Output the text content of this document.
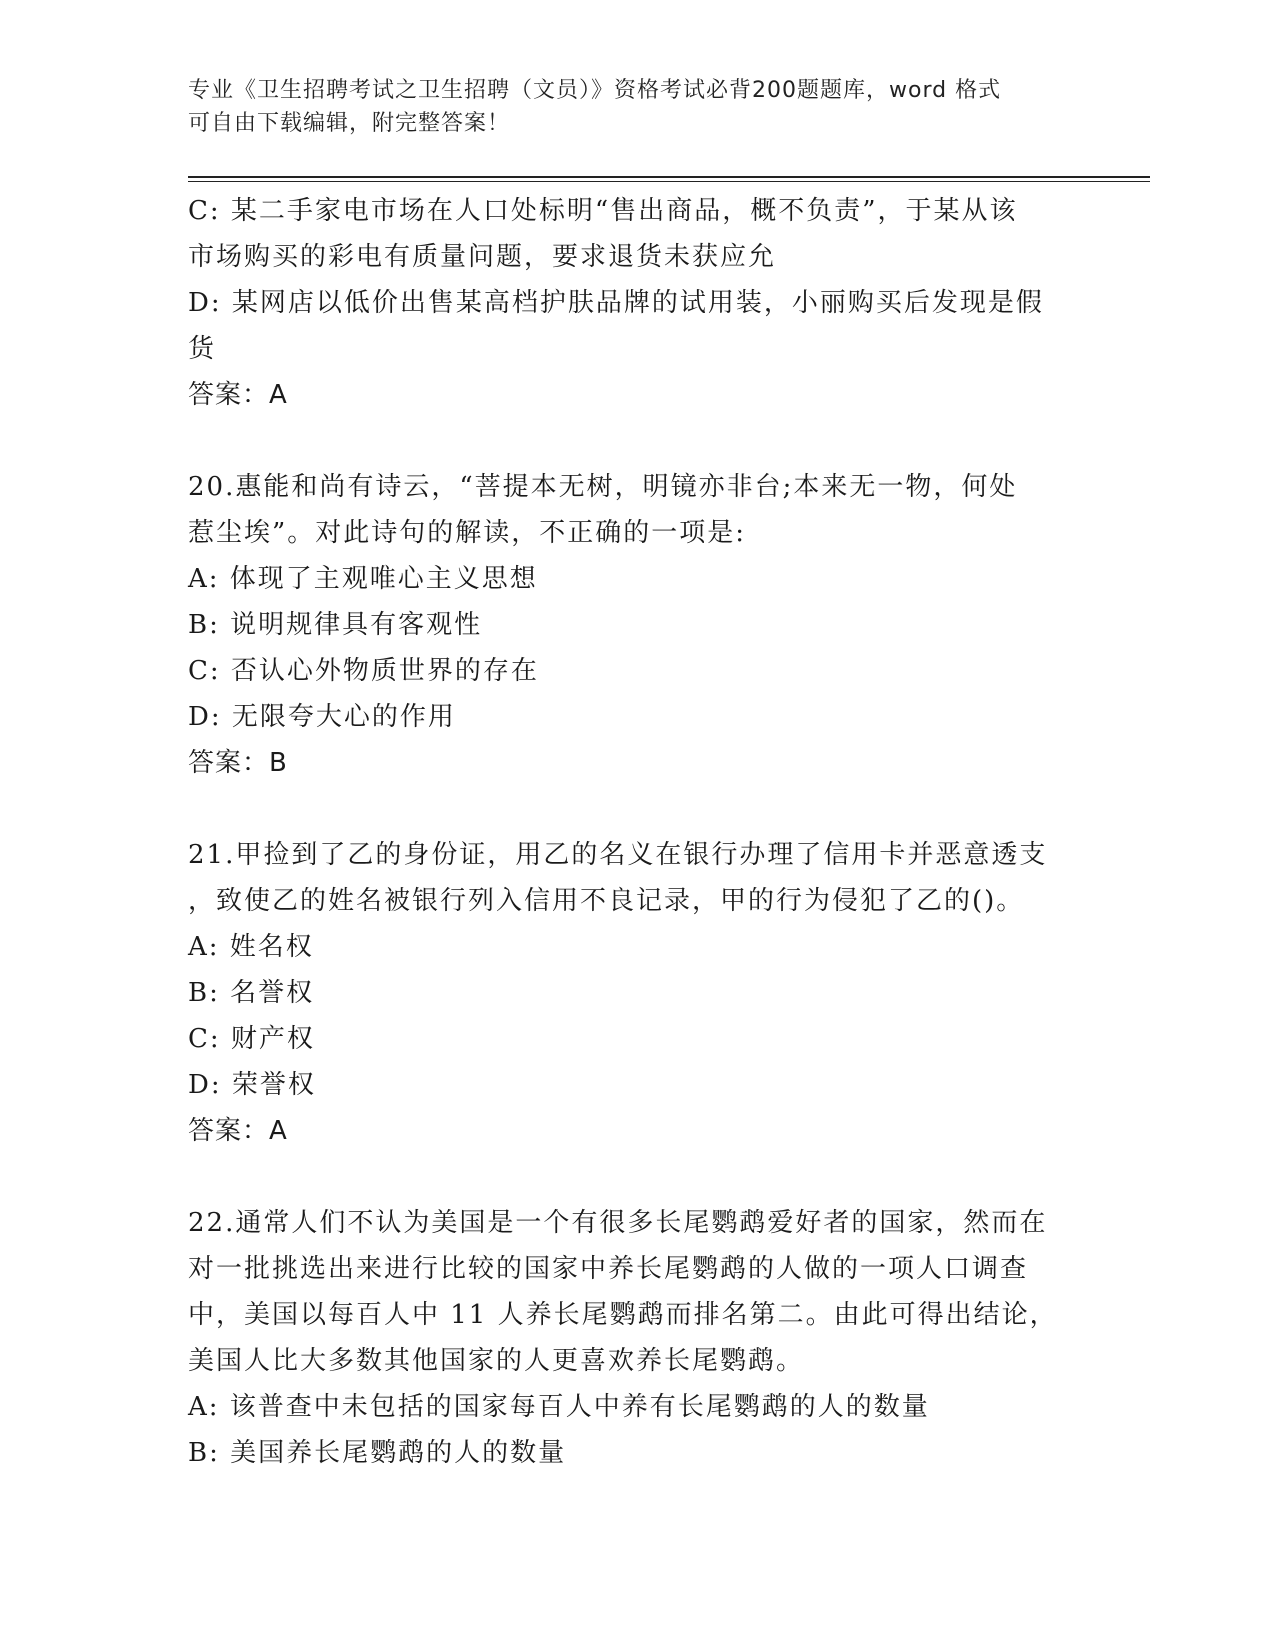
专业《卫生招聘考试之卫生招聘（文员）》资格考试必背200题题库，word 格式
可自由下载编辑，附完整答案！

C: 某二手家电市场在人口处标明“售出商品，概不负责”，于某从该

市场购买的彩电有质量问题，要求退货未获应允

D: 某网店以低价出售某高档护肤品牌的试用装，小丽购买后发现是假

货

答案：A

20.惠能和尚有诗云，“菩提本无树，明镜亦非台;本来无一物，何处

惹尘埃”。对此诗句的解读，不正确的一项是:

A: 体现了主观唯心主义思想

B: 说明规律具有客观性

C: 否认心外物质世界的存在

D: 无限夸大心的作用

答案：B

21.甲捡到了乙的身份证，用乙的名义在银行办理了信用卡并恶意透支

，致使乙的姓名被银行列入信用不良记录，甲的行为侵犯了乙的()。

A: 姓名权

B: 名誉权

C: 财产权

D: 荣誉权

答案：A

22.通常人们不认为美国是一个有很多长尾鹦鹉爱好者的国家，然而在

对一批挑选出来进行比较的国家中养长尾鹦鹉的人做的一项人口调查

中，美国以每百人中 11 人养长尾鹦鹉而排名第二。由此可得出结论，

美国人比大多数其他国家的人更喜欢养长尾鹦鹉。

A: 该普查中未包括的国家每百人中养有长尾鹦鹉的人的数量

B: 美国养长尾鹦鹉的人的数量
